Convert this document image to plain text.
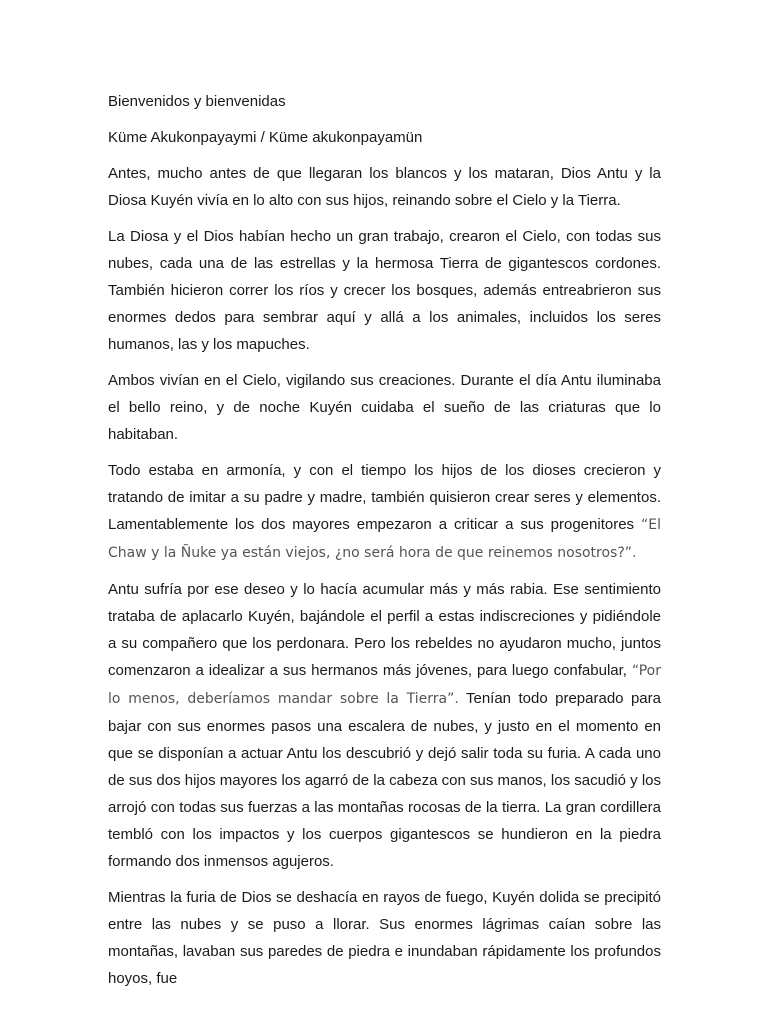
Bienvenidos y bienvenidas

Küme Akukonpayaymi / Küme akukonpayamün

Antes, mucho antes de que llegaran los blancos y los mataran, Dios Antu y la Diosa Kuyén vivía en lo alto con sus hijos, reinando sobre el Cielo y la Tierra.

La Diosa y el Dios habían hecho un gran trabajo, crearon el Cielo, con todas sus nubes, cada una de las estrellas y la hermosa Tierra de gigantescos cordones. También hicieron correr los ríos y crecer los bosques, además entreabrieron sus enormes dedos para sembrar aquí y allá a los animales, incluidos los seres humanos, las y los mapuches.

Ambos vivían en el Cielo, vigilando sus creaciones. Durante el día Antu iluminaba el bello reino, y de noche Kuyén cuidaba el sueño de las criaturas que lo habitaban.

Todo estaba en armonía, y con el tiempo los hijos de los dioses crecieron y tratando de imitar a su padre y madre, también quisieron crear seres y elementos. Lamentablemente los dos mayores empezaron a criticar a sus progenitores “El Chaw y la Ñuke ya están viejos, ¿no será hora de que reinemos nosotros?”.

Antu sufría por ese deseo y lo hacía acumular más y más rabia. Ese sentimiento trataba de aplacarlo Kuyén, bajándole el perfil a estas indiscreciones y pidiéndole a su compañero que los perdonara. Pero los rebeldes no ayudaron mucho, juntos comenzaron a idealizar a sus hermanos más jóvenes, para luego confabular, “Por lo menos, deberíamos mandar sobre la Tierra”. Tenían todo preparado para bajar con sus enormes pasos una escalera de nubes, y justo en el momento en que se disponían a actuar Antu los descubrió y dejó salir toda su furia. A cada uno de sus dos hijos mayores los agarró de la cabeza con sus manos, los sacudió y los arrojó con todas sus fuerzas a las montañas rocosas de la tierra. La gran cordillera tembló con los impactos y los cuerpos gigantescos se hundieron en la piedra formando dos inmensos agujeros.

Mientras la furia de Dios se deshacía en rayos de fuego, Kuyén dolida se precipitó entre las nubes y se puso a llorar. Sus enormes lágrimas caían sobre las montañas, lavaban sus paredes de piedra e inundaban rápidamente los profundos hoyos, fue
